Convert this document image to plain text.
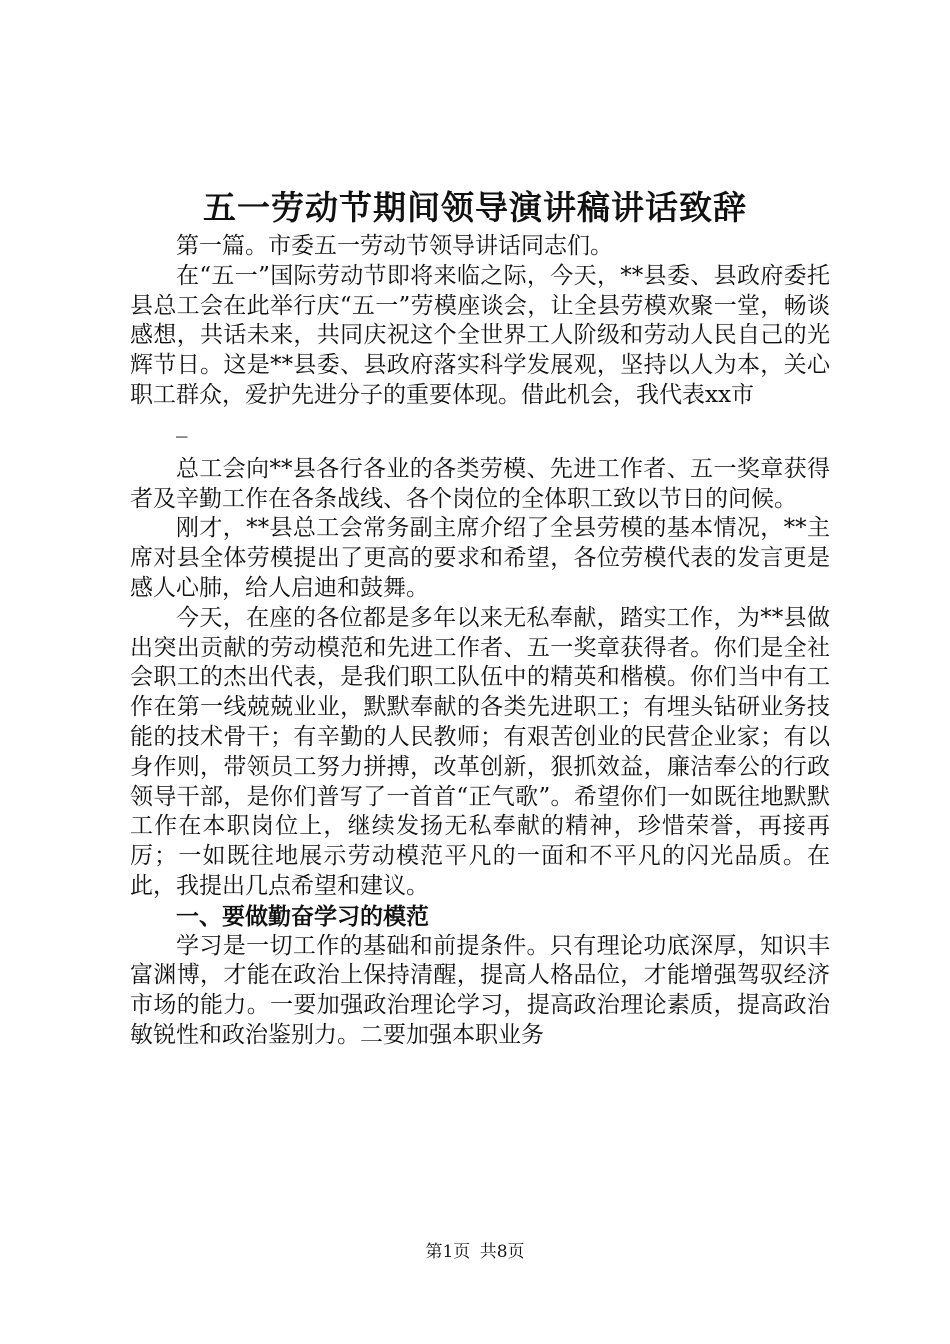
五一劳动节期间领导演讲稿讲话致辞

第一篇。市委五一劳动节领导讲话同志们。

在“五一”国际劳动节即将来临之际，今天，**县委、县政府委托县总工会在此举行庆“五一”劳模座谈会，让全县劳模欢聚一堂，畅谈感想，共话未来，共同庆祝这个全世界工人阶级和劳动人民自己的光辉节日。这是**县委、县政府落实科学发展观，坚持以人为本，关心职工群众，爱护先进分子的重要体现。借此机会，我代表xx市

_

总工会向**县各行各业的各类劳模、先进工作者、五一奖章获得者及辛勤工作在各条战线、各个岗位的全体职工致以节日的问候。

刚才，**县总工会常务副主席介绍了全县劳模的基本情况，**主席对县全体劳模提出了更高的要求和希望，各位劳模代表的发言更是感人心肺，给人启迪和鼓舞。

今天，在座的各位都是多年以来无私奉献，踏实工作，为**县做出突出贡献的劳动模范和先进工作者、五一奖章获得者。你们是全社会职工的杰出代表，是我们职工队伍中的精英和楷模。你们当中有工作在第一线兢兢业业，默默奉献的各类先进职工；有埋头钻研业务技能的技术骨干；有辛勤的人民教师；有艰苦创业的民营企业家；有以身作则，带领员工努力拼搏，改革创新，狠抓效益，廉洁奉公的行政领导干部，是你们普写了一首首“正气歌”。希望你们一如既往地默默工作在本职岗位上，继续发扬无私奉献的精神，珍惜荣誉，再接再厉；一如既往地展示劳动模范平凡的一面和不平凡的闪光品质。在此，我提出几点希望和建议。

一、要做勤奋学习的模范

学习是一切工作的基础和前提条件。只有理论功底深厚，知识丰富渊博，才能在政治上保持清醒，提高人格品位，才能增强驾驭经济市场的能力。一要加强政治理论学习，提高政治理论素质，提高政治敏锐性和政治鉴别力。二要加强本职业务

第1页 共8页
